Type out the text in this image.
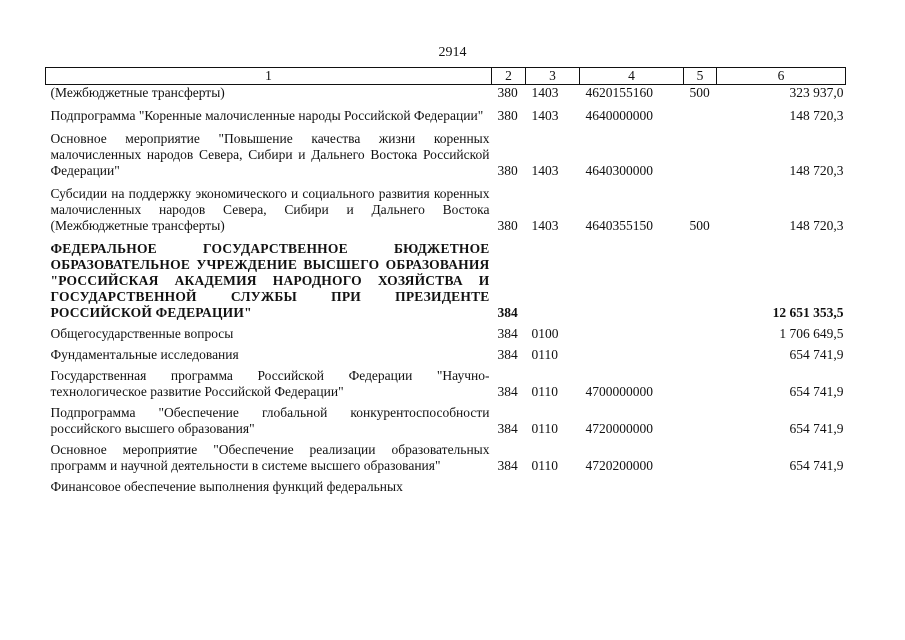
2914
1	2	3	4	5	6
(Межбюджетные трансферты)	380	1403	4620155160	500	323 937,0
Подпрограмма "Коренные малочисленные народы Российской Федерации"	380	1403	4640000000		148 720,3
Основное мероприятие "Повышение качества жизни коренных малочисленных народов Севера, Сибири и Дальнего Востока Российской Федерации"	380	1403	4640300000		148 720,3
Субсидии на поддержку экономического и социального развития коренных малочисленных народов Севера, Сибири и Дальнего Востока (Межбюджетные трансферты)	380	1403	4640355150	500	148 720,3
ФЕДЕРАЛЬНОЕ ГОСУДАРСТВЕННОЕ БЮДЖЕТНОЕ ОБРАЗОВАТЕЛЬНОЕ УЧРЕЖДЕНИЕ ВЫСШЕГО ОБРАЗОВАНИЯ "РОССИЙСКАЯ АКАДЕМИЯ НАРОДНОГО ХОЗЯЙСТВА И ГОСУДАРСТВЕННОЙ СЛУЖБЫ ПРИ ПРЕЗИДЕНТЕ РОССИЙСКОЙ ФЕДЕРАЦИИ"	384				12 651 353,5
Общегосударственные вопросы	384	0100			1 706 649,5
Фундаментальные исследования	384	0110			654 741,9
Государственная программа Российской Федерации "Научно-технологическое развитие Российской Федерации"	384	0110	4700000000		654 741,9
Подпрограмма "Обеспечение глобальной конкурентоспособности российского высшего образования"	384	0110	4720000000		654 741,9
Основное мероприятие "Обеспечение реализации образовательных программ и научной деятельности в системе высшего образования"	384	0110	4720200000		654 741,9
Финансовое обеспечение выполнения функций федеральных					
